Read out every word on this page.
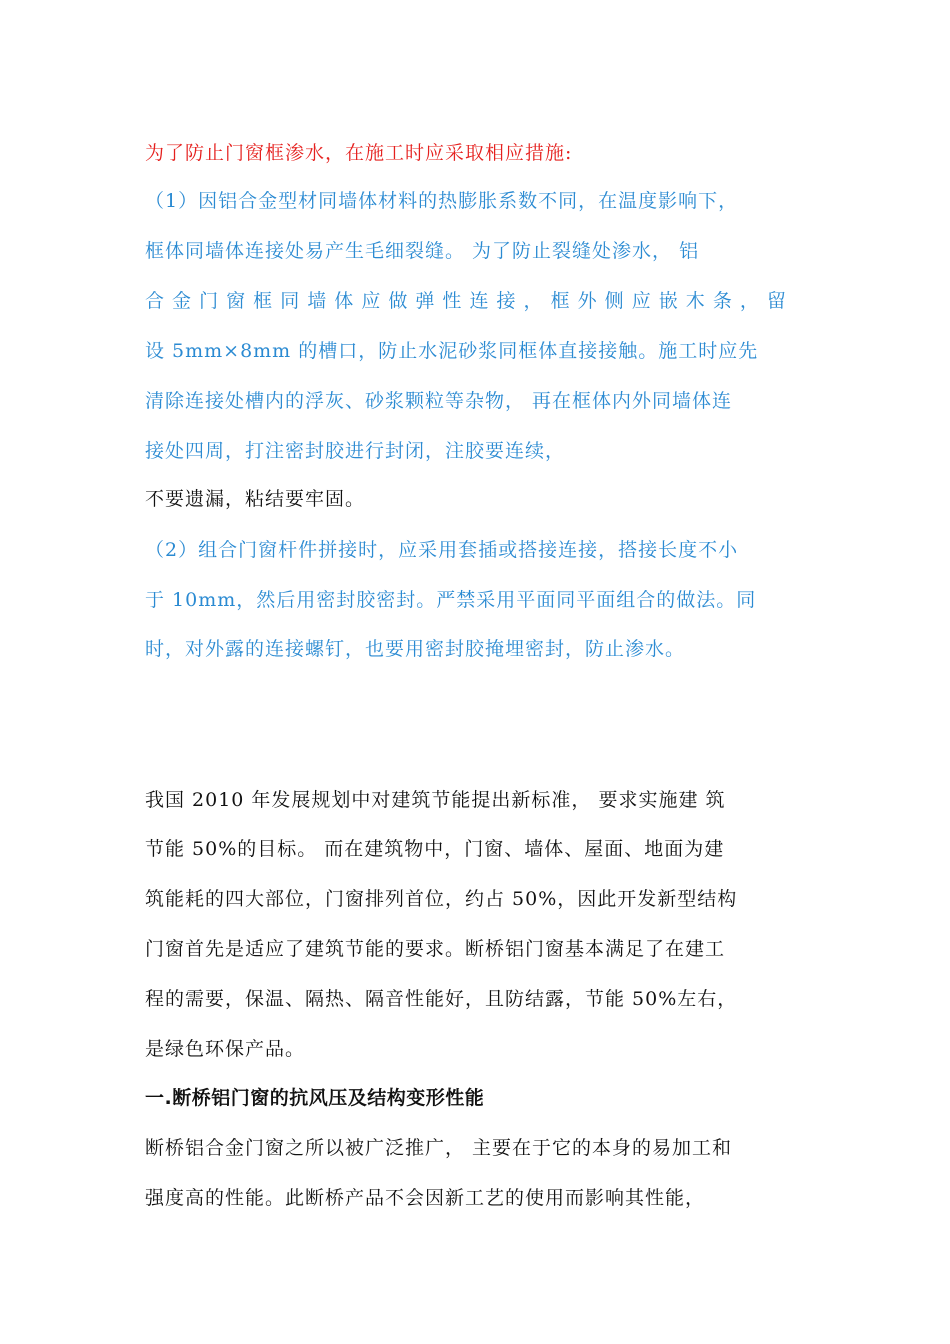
为了防止门窗框渗水，在施工时应采取相应措施:
（1）因铝合金型材同墙体材料的热膨胀系数不同，在温度影响下，
框体同墙体连接处易产生毛细裂缝。 为了防止裂缝处渗水， 铝
合 金 门 窗 框 同 墙 体 应 做 弹 性 连 接 ， 框 外 侧 应 嵌 木 条 ， 留
设 5mm×8mm 的槽口，防止水泥砂浆同框体直接接触。施工时应先
清除连接处槽内的浮灰、砂浆颗粒等杂物， 再在框体内外同墙体连
接处四周，打注密封胶进行封闭，注胶要连续，
不要遗漏，粘结要牢固。
（2）组合门窗杆件拼接时，应采用套插或搭接连接，搭接长度不小
于 10mm，然后用密封胶密封。严禁采用平面同平面组合的做法。同
时，对外露的连接螺钉，也要用密封胶掩埋密封，防止渗水。
我国 2010 年发展规划中对建筑节能提出新标准， 要求实施建 筑
节能 50%的目标。 而在建筑物中，门窗、墙体、屋面、地面为建
筑能耗的四大部位，门窗排列首位，约占 50%，因此开发新型结构
门窗首先是适应了建筑节能的要求。断桥铝门窗基本满足了在建工
程的需要，保温、隔热、隔音性能好，且防结露，节能 50%左右，
是绿色环保产品。
一.断桥铝门窗的抗风压及结构变形性能
断桥铝合金门窗之所以被广泛推广， 主要在于它的本身的易加工和
强度高的性能。此断桥产品不会因新工艺的使用而影响其性能，
